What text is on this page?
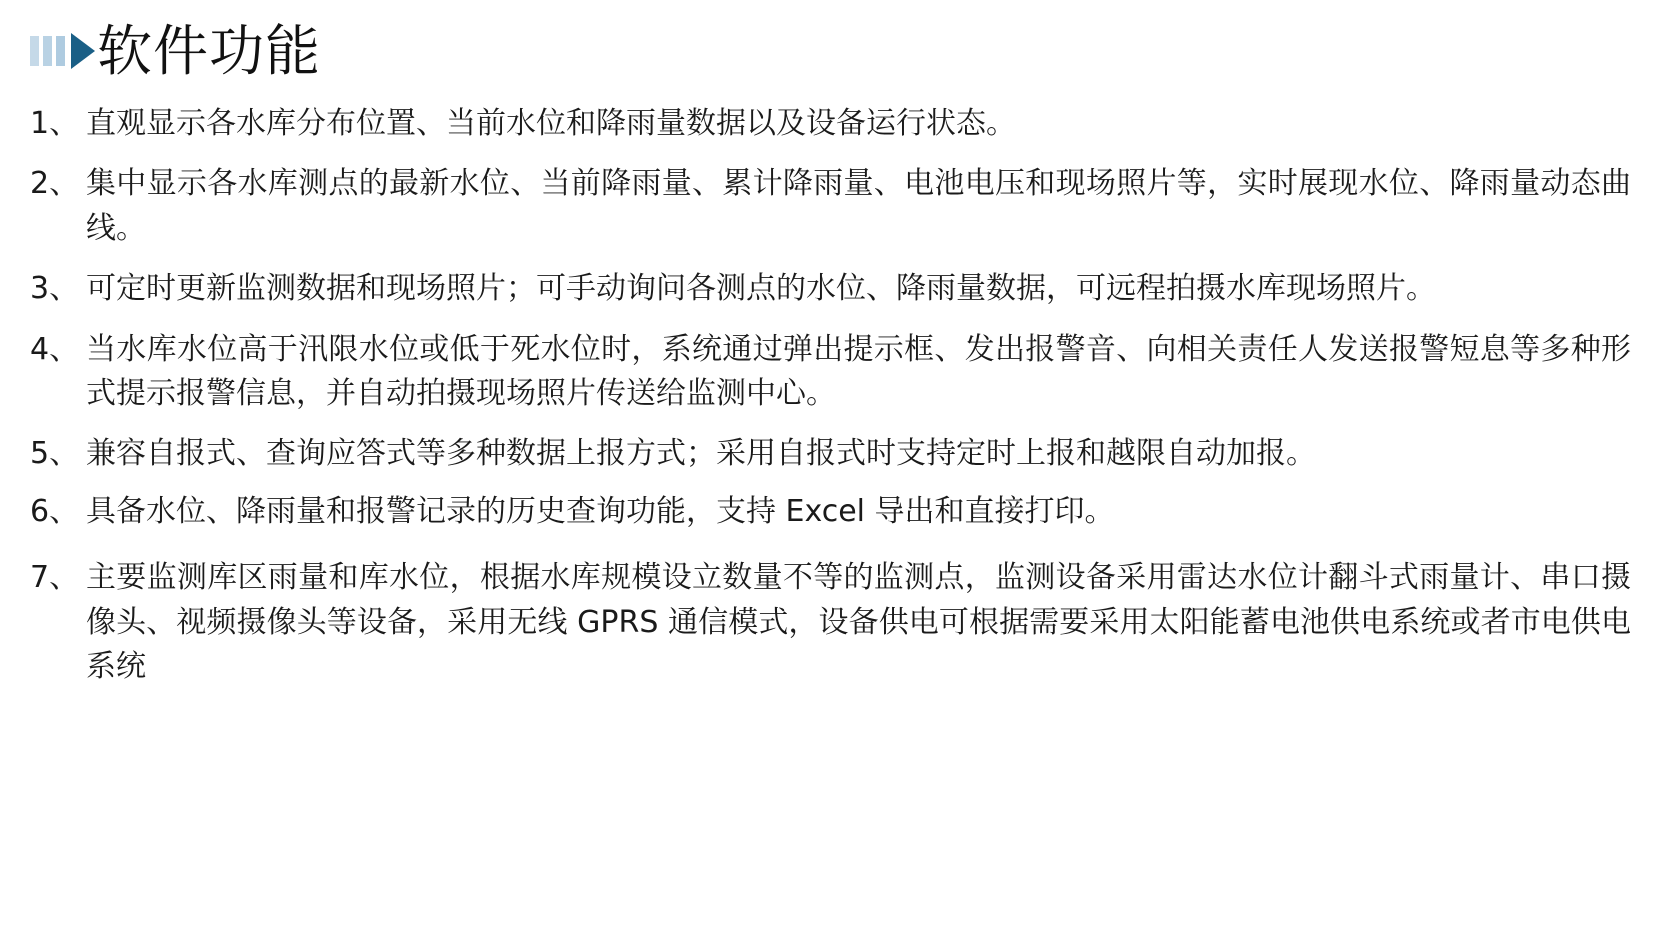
软件功能
1、 直观显示各水库分布位置、当前水位和降雨量数据以及设备运行状态。
2、 集中显示各水库测点的最新水位、当前降雨量、累计降雨量、电池电压和现场照片等，实时展现水位、降雨量动态曲线。
3、 可定时更新监测数据和现场照片；可手动询问各测点的水位、降雨量数据，可远程拍摄水库现场照片。
4、 当水库水位高于汛限水位或低于死水位时，系统通过弹出提示框、发出报警音、向相关责任人发送报警短息等多种形式提示报警信息，并自动拍摄现场照片传送给监测中心。
5、 兼容自报式、查询应答式等多种数据上报方式；采用自报式时支持定时上报和越限自动加报。
6、 具备水位、降雨量和报警记录的历史查询功能，支持 Excel 导出和直接打印。
7、 主要监测库区雨量和库水位，根据水库规模设立数量不等的监测点，监测设备采用雷达水位计翻斗式雨量计、串口摄像头、视频摄像头等设备，采用无线 GPRS 通信模式，设备供电可根据需要采用太阳能蓄电池供电系统或者市电供电系统
